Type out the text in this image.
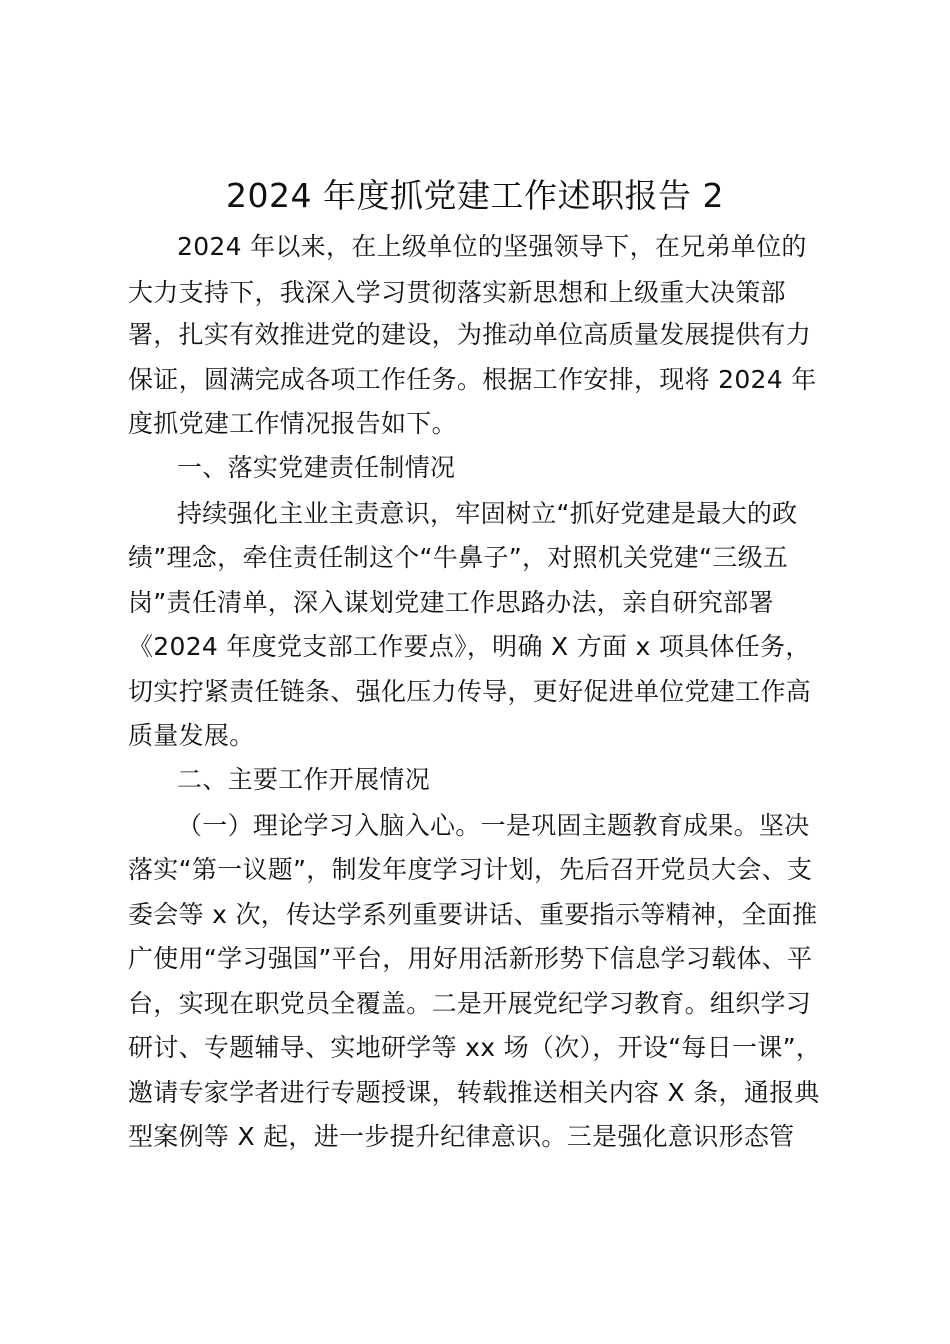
2024 年度抓党建工作述职报告 2
2024 年以来，在上级单位的坚强领导下，在兄弟单位的
大力支持下，我深入学习贯彻落实新思想和上级重大决策部
署，扎实有效推进党的建设，为推动单位高质量发展提供有力
保证，圆满完成各项工作任务。根据工作安排，现将 2024 年
度抓党建工作情况报告如下。
一、落实党建责任制情况
持续强化主业主责意识，牢固树立“抓好党建是最大的政
绩”理念，牵住责任制这个“牛鼻子”，对照机关党建“三级五
岗”责任清单，深入谋划党建工作思路办法，亲自研究部署
《2024 年度党支部工作要点》，明确 X 方面 x 项具体任务，
切实拧紧责任链条、强化压力传导，更好促进单位党建工作高
质量发展。
二、主要工作开展情况
（一）理论学习入脑入心。一是巩固主题教育成果。坚决
落实“第一议题”，制发年度学习计划，先后召开党员大会、支
委会等 x 次，传达学系列重要讲话、重要指示等精神，全面推
广使用“学习强国”平台，用好用活新形势下信息学习载体、平
台，实现在职党员全覆盖。二是开展党纪学习教育。组织学习
研讨、专题辅导、实地研学等 xx 场（次），开设“每日一课”，
邀请专家学者进行专题授课，转载推送相关内容 X 条，通报典
型案例等 X 起，进一步提升纪律意识。三是强化意识形态管
